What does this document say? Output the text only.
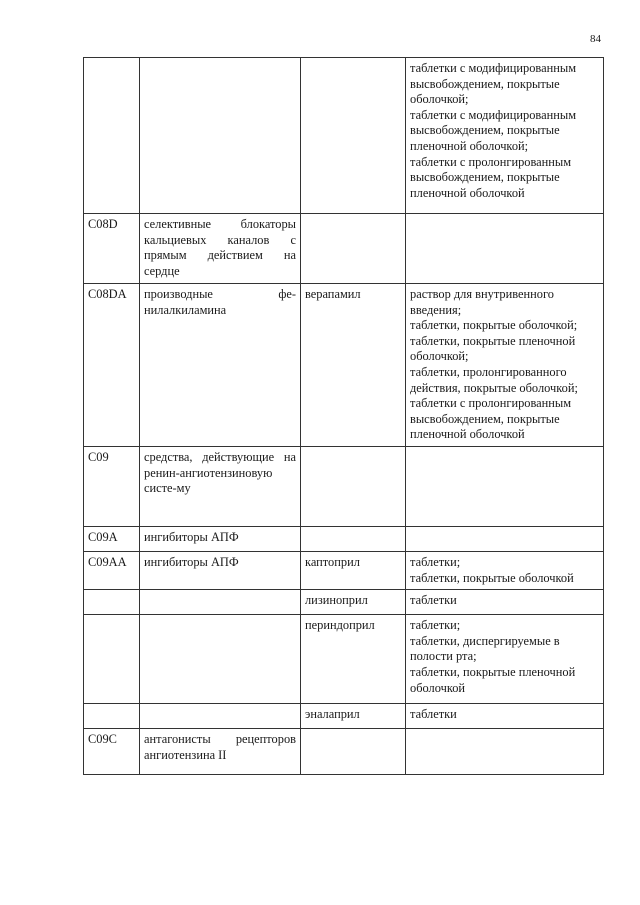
84

			таблетки с модифицированным высвобождением, покрытые оболочкой;
таблетки с модифицированным высвобождением, покрытые пленочной оболочкой;
таблетки с пролонгированным высвобождением, покрытые пленочной оболочкой

C08D	селективные блокаторы кальциевых каналов с прямым действием на сердце		
C08DA	производные фе-нилалкиламина	верапамил	раствор для внутривенного введения;
таблетки, покрытые оболочкой;
таблетки, покрытые пленочной оболочкой;
таблетки, пролонгированного действия, покрытые оболочкой;
таблетки с пролонгированным высвобождением, покрытые пленочной оболочкой

C09	средства, действующие на ренин-ангиотензиновую систе-му		
C09A	ингибиторы АПФ		
C09AA	ингибиторы АПФ	каптоприл	таблетки;
таблетки, покрытые оболочкой

		лизиноприл	таблетки

		периндоприл	таблетки;
таблетки, диспергируемые в полости рта;
таблетки, покрытые пленочной оболочкой

		эналаприл	таблетки

C09C	антагонисты рецепторов ангиотензина II		
